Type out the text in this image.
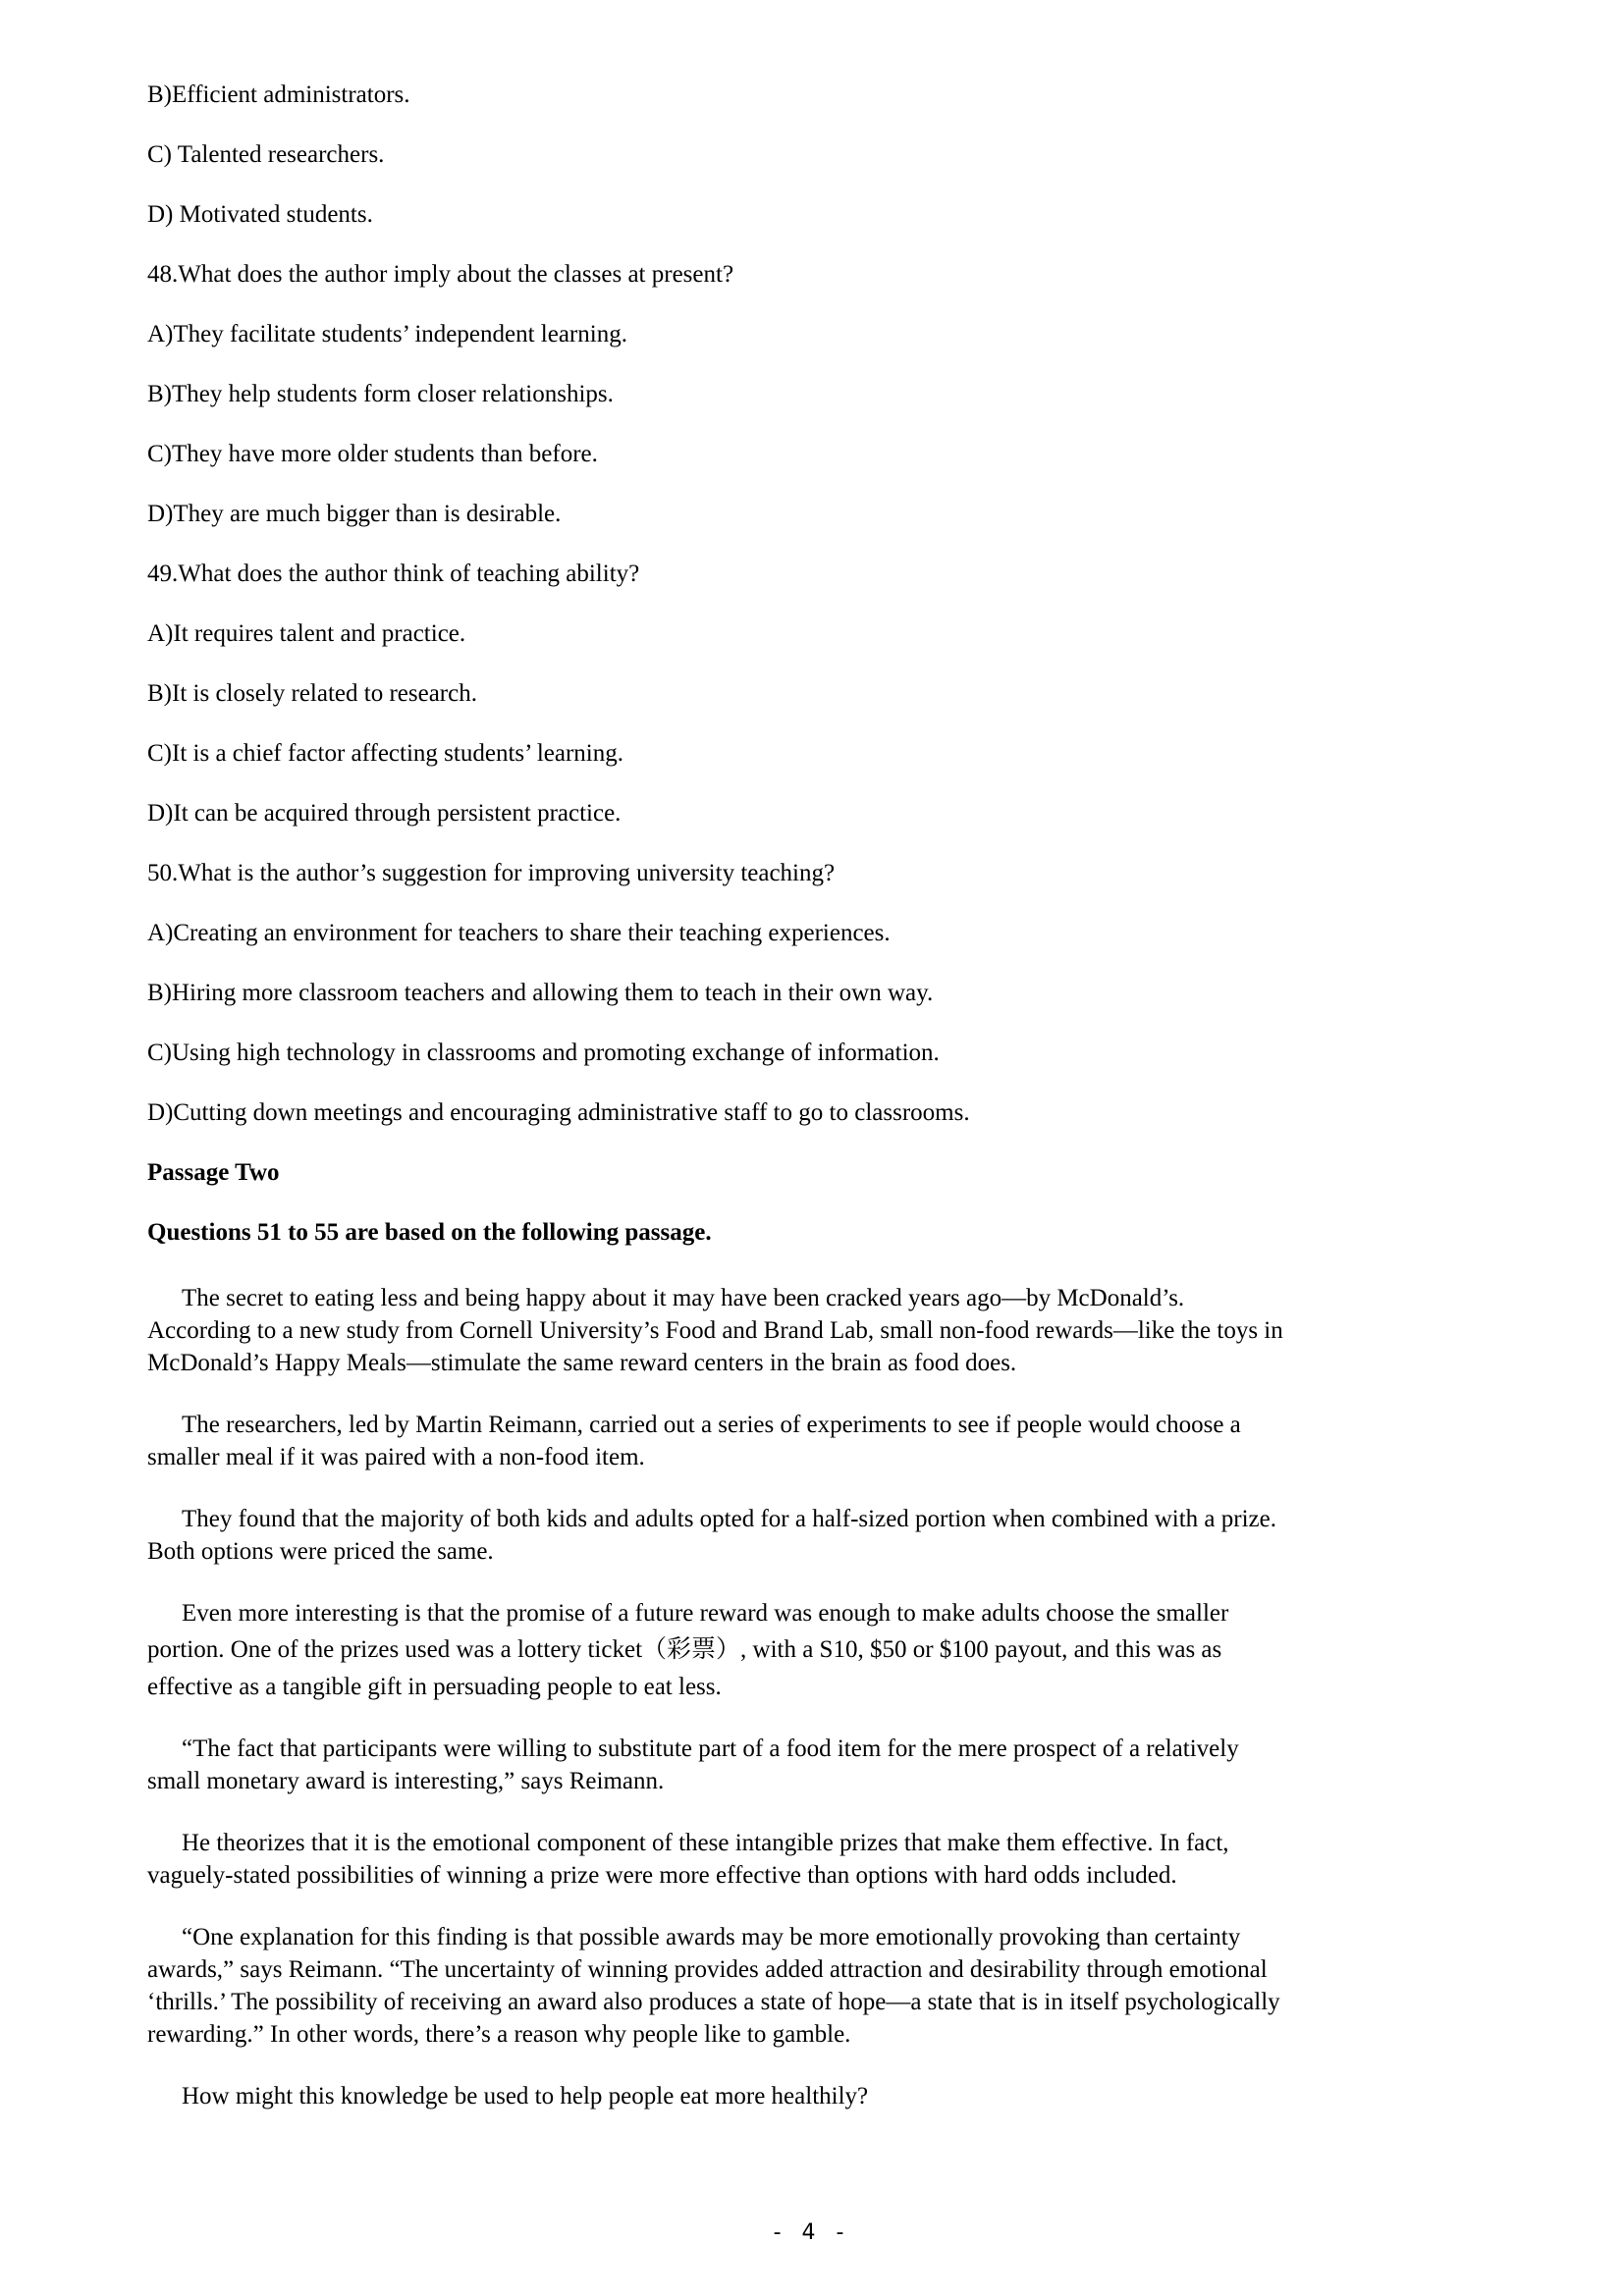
B)Efficient administrators.

C) Talented researchers.

D) Motivated students.

48.What does the author imply about the classes at present?

A)They facilitate students’ independent learning.

B)They help students form closer relationships.

C)They have more older students than before.

D)They are much bigger than is desirable.

49.What does the author think of teaching ability?

A)It requires talent and practice.

B)It is closely related to research.

C)It is a chief factor affecting students’ learning.

D)It can be acquired through persistent practice.

50.What is the author’s suggestion for improving university teaching?

A)Creating an environment for teachers to share their teaching experiences.

B)Hiring more classroom teachers and allowing them to teach in their own way.

C)Using high technology in classrooms and promoting exchange of information.

D)Cutting down meetings and encouraging administrative staff to go to classrooms.

Passage Two

Questions 51 to 55 are based on the following passage.

The secret to eating less and being happy about it may have been cracked years ago—by McDonald’s.
According to a new study from Cornell University’s Food and Brand Lab, small non-food rewards—like the toys in
McDonald’s Happy Meals—stimulate the same reward centers in the brain as food does.
The researchers, led by Martin Reimann, carried out a series of experiments to see if people would choose a
smaller meal if it was paired with a non-food item.
They found that the majority of both kids and adults opted for a half-sized portion when combined with a prize.
Both options were priced the same.
Even more interesting is that the promise of a future reward was enough to make adults choose the smaller
portion. One of the prizes used was a lottery ticket（彩票）, with a S10, $50 or $100 payout, and this was as
effective as a tangible gift in persuading people to eat less.
“The fact that participants were willing to substitute part of a food item for the mere prospect of a relatively
small monetary award is interesting,” says Reimann.
He theorizes that it is the emotional component of these intangible prizes that make them effective. In fact,
vaguely-stated possibilities of winning a prize were more effective than options with hard odds included.
“One explanation for this finding is that possible awards may be more emotionally provoking than certainty
awards,” says Reimann. “The uncertainty of winning provides added attraction and desirability through emotional
‘thrills.’ The possibility of receiving an award also produces a state of hope—a state that is in itself psychologically
rewarding.” In other words, there’s a reason why people like to gamble.
How might this knowledge be used to help people eat more healthily?
- 4 -
